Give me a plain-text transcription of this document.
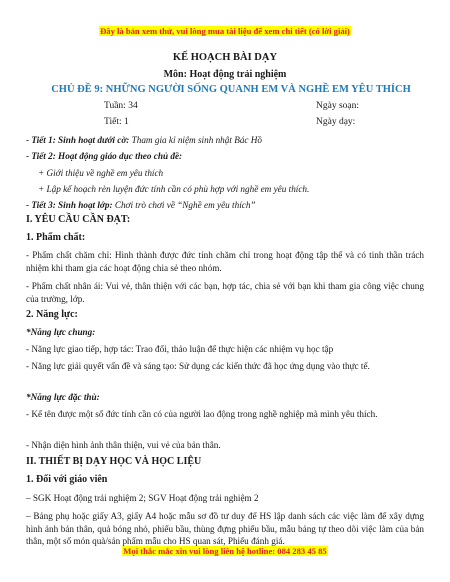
Đây là bản xem thử, vui lòng mua tài liệu để xem chi tiết (có lời giải)
KẾ HOẠCH BÀI DẠY
Môn: Hoạt động trải nghiệm
CHỦ ĐỀ 9: NHỮNG NGƯỜI SỐNG QUANH EM VÀ NGHỀ EM YÊU THÍCH
Tuần: 34	Ngày soạn:
Tiết: 1	Ngày dạy:
- Tiết 1: Sinh hoạt dưới cờ: Tham gia kỉ niệm sinh nhật Bác Hồ
- Tiết 2: Hoạt động giáo dục theo chủ đề:
+ Giới thiệu về nghề em yêu thích
+ Lập kế hoạch rèn luyện đức tính cần có phù hợp với nghề em yêu thích.
- Tiết 3: Sinh hoạt lớp: Chơi trò chơi về “Nghề em yêu thích”
I. YÊU CẦU CẦN ĐẠT:
1. Phẩm chất:
- Phẩm chất chăm chỉ: Hình thành được đức tính chăm chỉ trong hoạt động tập thể và có tinh thần trách nhiệm khi tham gia các hoạt động chia sẻ theo nhóm.
- Phẩm chất nhân ái: Vui vẻ, thân thiện với các bạn, hợp tác, chia sẻ với bạn khi tham gia công việc chung của trường, lớp.
2. Năng lực:
*Năng lực chung:
- Năng lực giao tiếp, hợp tác: Trao đổi, thảo luận để thực hiện các nhiệm vụ học tập
- Năng lực giải quyết vấn đề và sáng tạo: Sử dụng các kiến thức đã học ứng dụng vào thực tế.
*Năng lực đặc thù:
- Kể tên được một số đức tính cần có của người lao động trong nghề nghiệp mà mình yêu thích.
- Nhận diện hình ảnh thân thiện, vui vẻ của bản thân.
II. THIẾT BỊ DẠY HỌC VÀ HỌC LIỆU
1. Đối với giáo viên
– SGK Hoạt động trải nghiệm 2; SGV Hoạt động trải nghiệm 2
– Bảng phụ hoặc giấy A3, giấy A4 hoặc mẫu sơ đồ tư duy để HS lập danh sách các việc làm để xây dựng hình ảnh bản thân, quả bóng nhỏ, phiếu bầu, thùng đựng phiếu bầu, mẫu bảng tự theo dõi việc làm của bản thân, một số món quà/sản phẩm mẫu cho HS quan sát, Phiếu đánh giá.
Mọi thắc mắc xin vui lòng liên hệ hotline: 084 283 45 85
